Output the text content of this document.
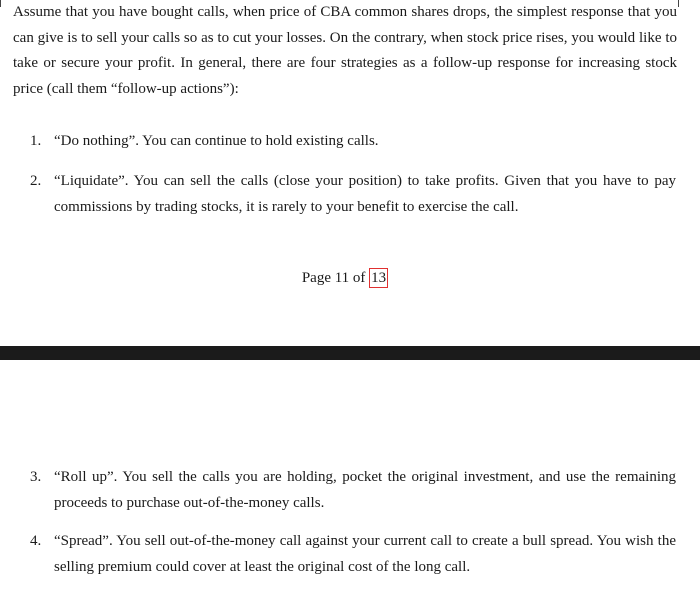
Assume that you have bought calls, when price of CBA common shares drops, the simplest response that you can give is to sell your calls so as to cut your losses. On the contrary, when stock price rises, you would like to take or secure your profit. In general, there are four strategies as a follow-up response for increasing stock price (call them “follow-up actions”):

1. “Do nothing”. You can continue to hold existing calls.
2. “Liquidate”. You can sell the calls (close your position) to take profits. Given that you have to pay commissions by trading stocks, it is rarely to your benefit to exercise the call.
Page 11 of 13
3. “Roll up”. You sell the calls you are holding, pocket the original investment, and use the remaining proceeds to purchase out-of-the-money calls.
4. “Spread”. You sell out-of-the-money call against your current call to create a bull spread. You wish the selling premium could cover at least the original cost of the long call.
